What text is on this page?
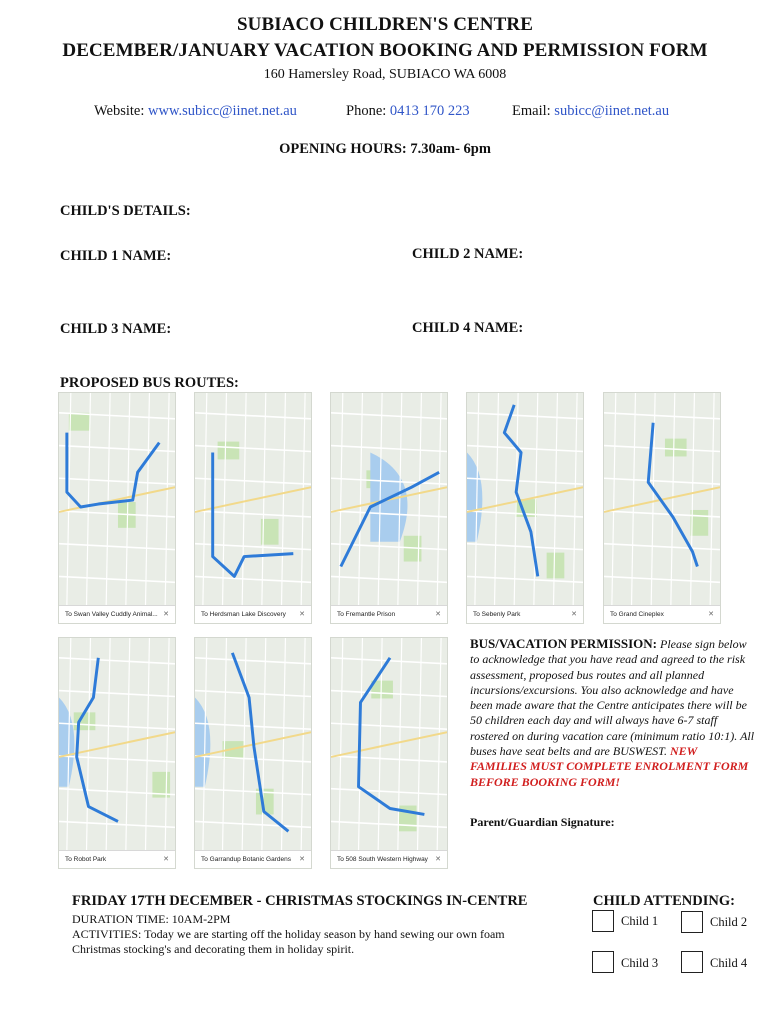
SUBIACO CHILDREN'S CENTRE
DECEMBER/JANUARY VACATION BOOKING AND PERMISSION FORM
160 Hamersley Road, SUBIACO WA 6008
Website: www.subicc@iinet.net.au	Phone: 0413 170 223	Email: subicc@iinet.net.au
OPENING HOURS: 7.30am- 6pm
CHILD'S DETAILS:
CHILD 1 NAME:	CHILD 2 NAME:
CHILD 3 NAME:	CHILD 4 NAME:
PROPOSED BUS ROUTES:
To Swan Valley Cuddly Animal... ✕	To Herdsman Lake Discovery ✕	To Fremantle Prison	✕	To Sebenly Park	✕	To Grand Cineplex	✕
To Robot Park	✕	To Garrandup Botanic Gardens ✕	To 508 South Western Highway ✕
BUS/VACATION PERMISSION: Please sign below to acknowledge that you have read and agreed to the risk assessment, proposed bus routes and all planned incursions/excursions. You also acknowledge and have been made aware that the Centre anticipates there will be 50 children each day and will always have 6-7 staff rostered on during vacation care (minimum ratio 10:1). All buses have seat belts and are BUSWEST. NEW FAMILIES MUST COMPLETE ENROLMENT FORM BEFORE BOOKING FORM!
Parent/Guardian Signature:
FRIDAY 17TH DECEMBER - CHRISTMAS STOCKINGS IN-CENTRE
DURATION TIME: 10AM-2PM
ACTIVITIES: Today we are starting off the holiday season by hand sewing our own foam Christmas stocking's and decorating them in holiday spirit.
CHILD ATTENDING:
Child 1	Child 2
Child 3	Child 4
